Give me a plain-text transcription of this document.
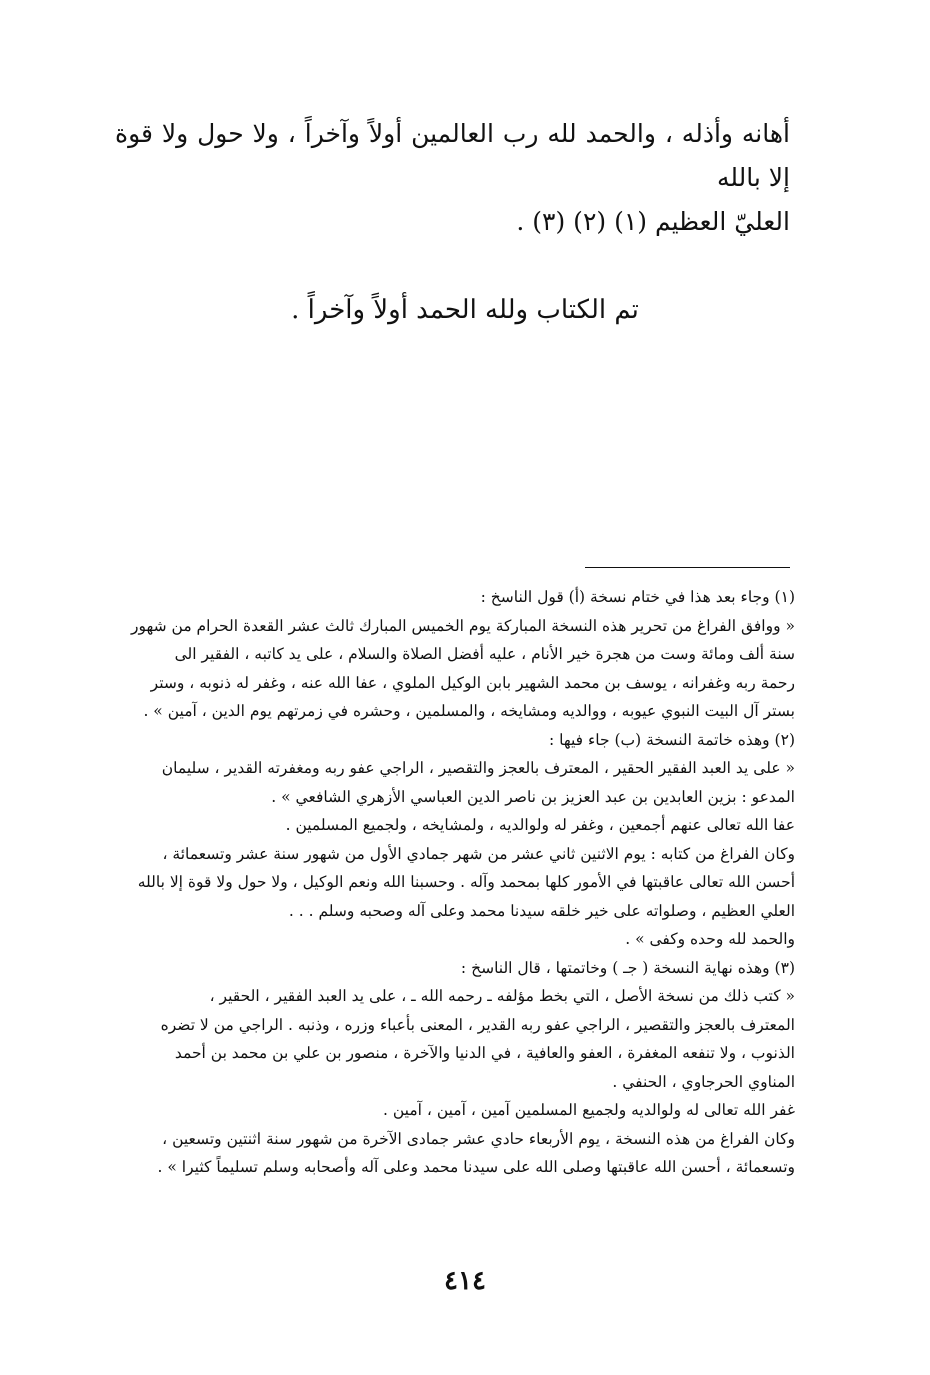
أهانه وأذله ، والحمد لله رب العالمين أولاً وآخراً ، ولا حول ولا قوة إلا بالله

العليّ العظيم (١) (٢) (٣) .

تم الكتاب ولله الحمد أولاً وآخراً .
(١) وجاء بعد هذا في ختام نسخة (أ) قول الناسخ :
« ووافق الفراغ من تحرير هذه النسخة المباركة يوم الخميس المبارك ثالث عشر القعدة الحرام من شهور
سنة ألف ومائة وست من هجرة خير الأنام ، عليه أفضل الصلاة والسلام ، على يد كاتبه ، الفقير الى
رحمة ربه وغفرانه ، يوسف بن محمد الشهير بابن الوكيل الملوي ، عفا الله عنه ، وغفر له ذنوبه ، وستر
بستر آل البيت النبوي عيوبه ، ووالديه ومشايخه ، والمسلمين ، وحشره في زمرتهم يوم الدين ، آمين » .
(٢) وهذه خاتمة النسخة (ب) جاء فيها :
« على يد العبد الفقير الحقير ، المعترف بالعجز والتقصير ، الراجي عفو ربه ومغفرته القدير ، سليمان
المدعو : بزين العابدين بن عبد العزيز بن ناصر الدين العباسي الأزهري الشافعي » .
عفا الله تعالى عنهم أجمعين ، وغفر له ولوالديه ، ولمشايخه ، ولجميع المسلمين .
وكان الفراغ من كتابه : يوم الاثنين ثاني عشر من شهر جمادي الأول من شهور سنة عشر وتسعمائة ،
أحسن الله تعالى عاقبتها في الأمور كلها بمحمد وآله . وحسبنا الله ونعم الوكيل ، ولا حول ولا قوة إلا بالله
العلي العظيم ، وصلواته على خير خلقه سيدنا محمد وعلى آله وصحبه وسلم . . .
والحمد لله وحده وكفى » .
(٣) وهذه نهاية النسخة ( جـ ) وخاتمتها ، قال الناسخ :
« كتب ذلك من نسخة الأصل ، التي بخط مؤلفه ـ رحمه الله ـ ، على يد العبد الفقير ، الحقير ،
المعترف بالعجز والتقصير ، الراجي عفو ربه القدير ، المعنى بأعباء وزره ، وذنبه . الراجي من لا تضره
الذنوب ، ولا تنفعه المغفرة ، العفو والعافية ، في الدنيا والآخرة ، منصور بن علي بن محمد بن أحمد
المناوي الحرجاوي ، الحنفي .
غفر الله تعالى له ولوالديه ولجميع المسلمين آمين ، آمين ، آمين .
وكان الفراغ من هذه النسخة ، يوم الأربعاء حادي عشر جمادى الآخرة من شهور سنة اثنتين وتسعين ،
وتسعمائة ، أحسن الله عاقبتها وصلى الله على سيدنا محمد وعلى آله وأصحابه وسلم تسليماً كثيرا » .
٤١٤
